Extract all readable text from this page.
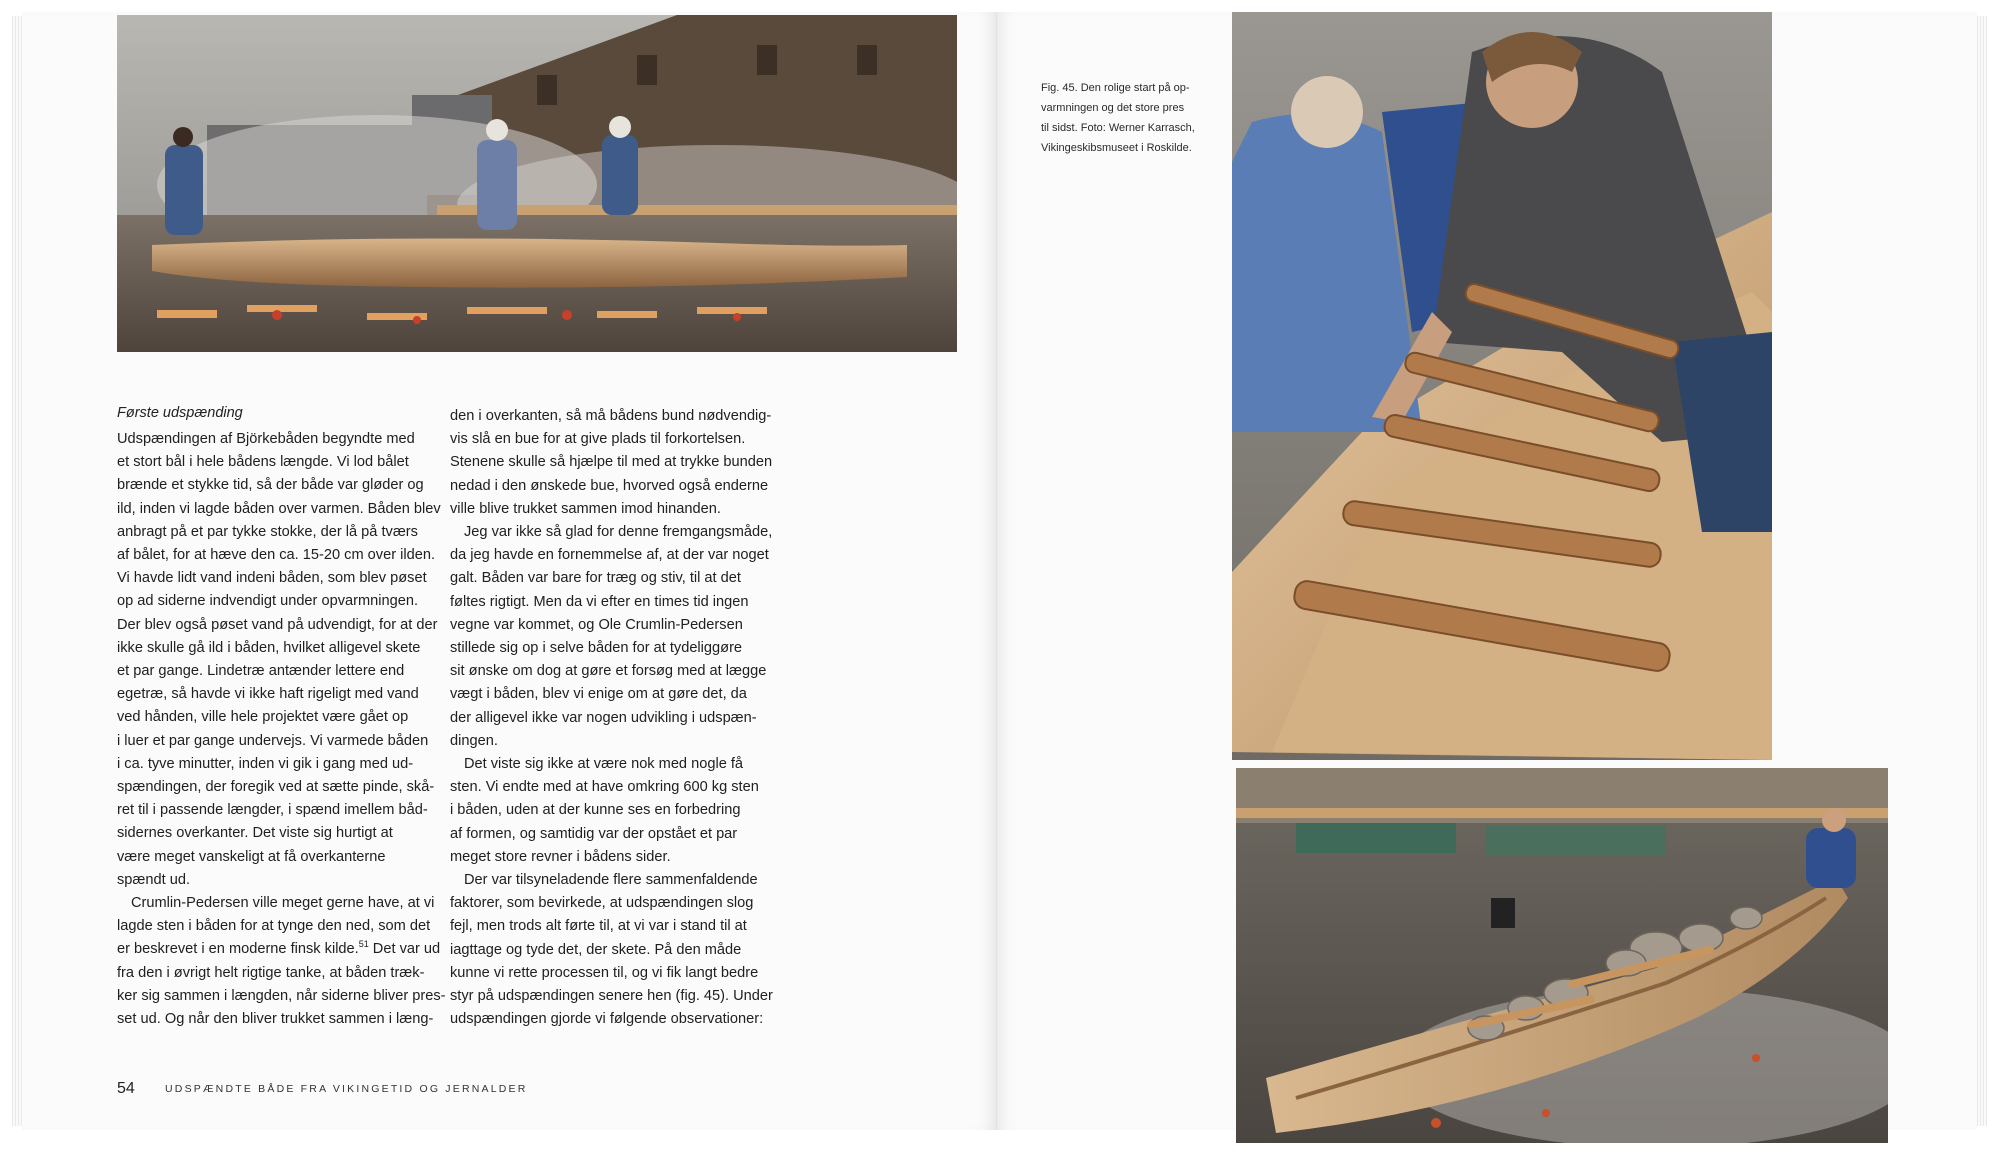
Første udspænding
Udspændingen af Björkebåden begyndte med
et stort bål i hele bådens længde. Vi lod bålet
brænde et stykke tid, så der både var gløder og
ild, inden vi lagde båden over varmen. Båden blev
anbragt på et par tykke stokke, der lå på tværs
af bålet, for at hæve den ca. 15-20 cm over ilden.
Vi havde lidt vand indeni båden, som blev pøset
op ad siderne indvendigt under opvarmningen.
Der blev også pøset vand på udvendigt, for at der
ikke skulle gå ild i båden, hvilket alligevel skete
et par gange. Lindetræ antænder lettere end
egetræ, så havde vi ikke haft rigeligt med vand
ved hånden, ville hele projektet være gået op
i luer et par gange undervejs. Vi varmede båden
i ca. tyve minutter, inden vi gik i gang med ud-
spændingen, der foregik ved at sætte pinde, skå-
ret til i passende længder, i spænd imellem båd-
sidernes overkanter. Det viste sig hurtigt at
være meget vanskeligt at få overkanterne
spændt ud.
Crumlin-Pedersen ville meget gerne have, at vi
lagde sten i båden for at tynge den ned, som det
er beskrevet i en moderne finsk kilde.$^{51}$ Det var ud
fra den i øvrigt helt rigtige tanke, at båden træk-
ker sig sammen i længden, når siderne bliver pres-
set ud. Og når den bliver trukket sammen i læng-
den i overkanten, så må bådens bund nødvendig-
vis slå en bue for at give plads til forkortelsen.
Stenene skulle så hjælpe til med at trykke bunden
nedad i den ønskede bue, hvorved også enderne
ville blive trukket sammen imod hinanden.
Jeg var ikke så glad for denne fremgangsmåde,
da jeg havde en fornemmelse af, at der var noget
galt. Båden var bare for træg og stiv, til at det
føltes rigtigt. Men da vi efter en times tid ingen
vegne var kommet, og Ole Crumlin-Pedersen
stillede sig op i selve båden for at tydeliggøre
sit ønske om dog at gøre et forsøg med at lægge
vægt i båden, blev vi enige om at gøre det, da
der alligevel ikke var nogen udvikling i udspæn-
dingen.
Det viste sig ikke at være nok med nogle få
sten. Vi endte med at have omkring 600 kg sten
i båden, uden at der kunne ses en forbedring
af formen, og samtidig var der opstået et par
meget store revner i bådens sider.
Der var tilsyneladende flere sammenfaldende
faktorer, som bevirkede, at udspændingen slog
fejl, men trods alt førte til, at vi var i stand til at
iagttage og tyde det, der skete. På den måde
kunne vi rette processen til, og vi fik langt bedre
styr på udspændingen senere hen (fig. 45). Under
udspændingen gjorde vi følgende observationer:
54	UDSPÆNDTE BÅDE FRA VIKINGETID OG JERNALDER
Fig. 45. Den rolige start på op-
varmningen og det store pres
til sidst. Foto: Werner Karrasch,
Vikingeskibsmuseet i Roskilde.
